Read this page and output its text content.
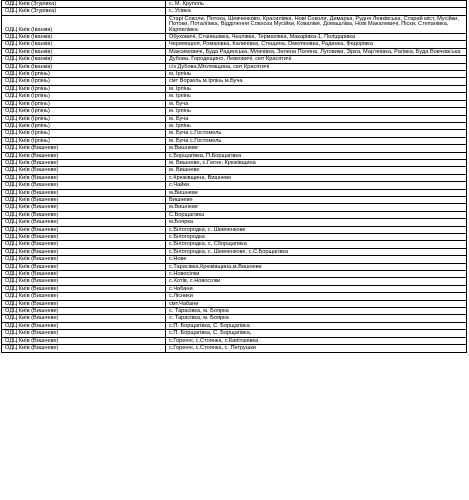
ОДЦ Київ (Згурівка)	с. М. Круполь
ОДЦ Київ (Згурівка)	с. Усівка
ОДЦ Київ (Іванків)	Старі Соколи, Потока, Шевченково, Красилівка, Нові Соколи, Димарка, Рудня Левківська, Старий міст, Мусійки, Потоки, Поталіївка, Відділення Совхоза Мусійки, Коваліве, Домашліва, Нові Макалевичі, Піски, Степанівка, Карпилівка
ОДЦ Київ (Іванків)	Обуховичі, Станишівка, Чкалівка, Термахівка, Макарівка-1, Полідарівка
ОДЦ Київ (Іванків)	Черемошня, Романівка, Калинівка, Стещина, Омелянівка, Радинка, Федорівка
ОДЦ Київ (Іванків)	Максимовичі, Буда Радинська, Млачівка, Зелена Поляна, Луговики, Зірка, Мар'янівка, Рагівка, Буда Вовчківська
ОДЦ Київ (Іванків)	Дубова, Городещино, Левковичі, смт Красятичі
ОДЦ Київ (Іванків)	с/з Дубова,Міхлевщина, смт Красятичі
ОДЦ Київ (Ірпінь)	м. Ірпінь
ОДЦ Київ (Ірпінь)	смт Ворзель м.Ірпінь м.Буча
ОДЦ Київ (Ірпінь)	м. Ірпінь
ОДЦ Київ (Ірпінь)	м. Ірпінь
ОДЦ Київ (Ірпінь)	м. Буча
ОДЦ Київ (Ірпінь)	м. Ірпінь
ОДЦ Київ (Ірпінь)	м. Буча
ОДЦ Київ (Ірпінь)	м. Ірпінь
ОДЦ Київ (Ірпінь)	м. Буча с.Гостомель
ОДЦ Київ (Ірпінь)	м. Буча с.Гостомель
ОДЦ Київ (Вишневе)	м.Вишневе
ОДЦ Київ (Вишневе)	с.Борщагівка, П.Борщагівка
ОДЦ Київ (Вишневе)	м. Вишневе, с.Гатне, Крюківщина
ОДЦ Київ (Вишневе)	м. Вишневе
ОДЦ Київ (Вишневе)	с.Крюківщина, Вишневе
ОДЦ Київ (Вишневе)	с.Чайки
ОДЦ Київ (Вишневе)	м.Вишневе
ОДЦ Київ (Вишневе)	Вишневе
ОДЦ Київ (Вишневе)	м.Вишневе
ОДЦ Київ (Вишневе)	С.Борщагівка
ОДЦ Київ (Вишневе)	м.Боярка
ОДЦ Київ (Вишневе)	с.Білогородка, с. Шевченкове
ОДЦ Київ (Вишневе)	с.Білогородка
ОДЦ Київ (Вишневе)	с.Білогородка, с. Сборщагівка
ОДЦ Київ (Вишневе)	с.Білогородка, с. Шевченкове, с.С.Борщагівка
ОДЦ Київ (Вишневе)	с.Нове
ОДЦ Київ (Вишневе)	с.Тарасівка,Крюківщина,м.Вишневе
ОДЦ Київ (Вишневе)	с.Новосілки
ОДЦ Київ (Вишневе)	с.Хотів, с.Новосілки
ОДЦ Київ (Вишневе)	с.Чабани.
ОДЦ Київ (Вишневе)	с.Лісники
ОДЦ Київ (Вишневе)	смт.Чабани
ОДЦ Київ (Вишневе)	с. Тарасівка, м. Боярка
ОДЦ Київ (Вишневе)	с. Тарасівка, м. Боярка
ОДЦ Київ (Вишневе)	с.П. Борщагівка, С. Борщагівка
ОДЦ Київ (Вишневе)	с.П. Борщагівка, С. Борщагівка,
ОДЦ Київ (Вишневе)	с.Горенчі, с.Стоянка, с.Капітанівка
ОДЦ Київ (Вишневе)	с.Горенчі, с.Стоянка, с. Петрушки
